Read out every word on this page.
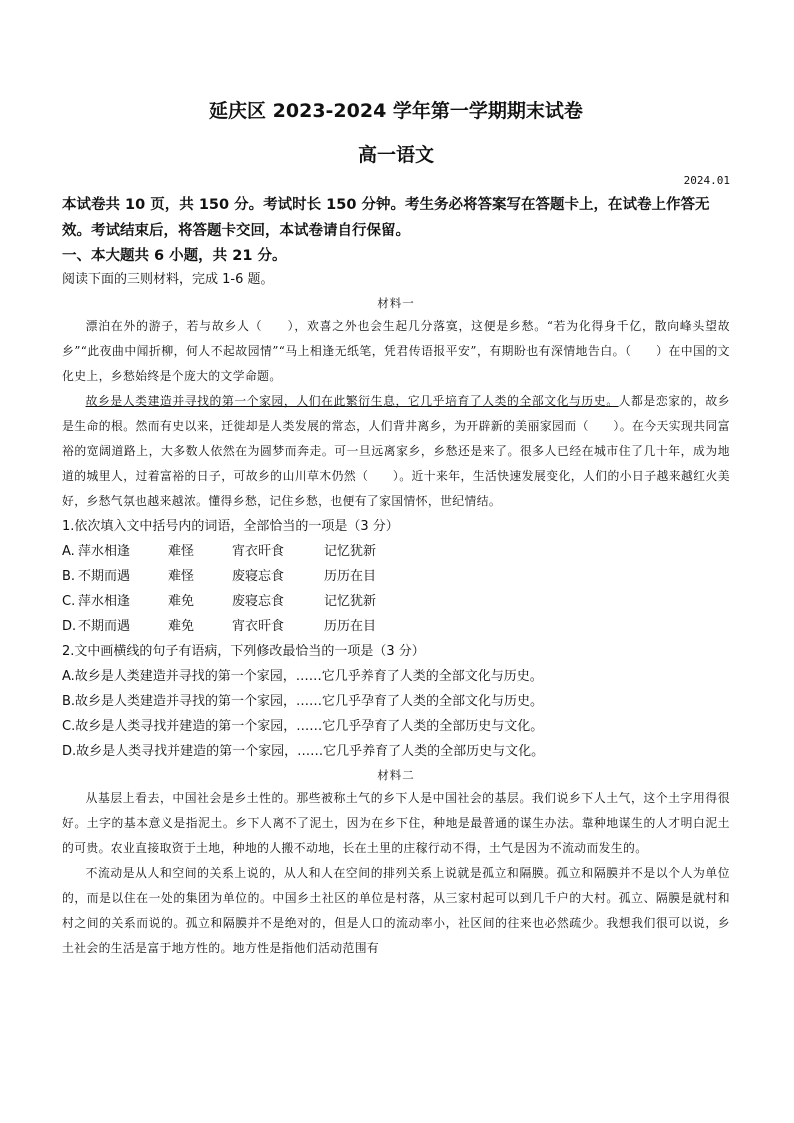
延庆区 2023-2024 学年第一学期期末试卷
高一语文
2024.01
本试卷共 10 页，共 150 分。考试时长 150 分钟。考生务必将答案写在答题卡上，在试卷上作答无效。考试结束后，将答题卡交回，本试卷请自行保留。
一、本大题共 6 小题，共 21 分。
阅读下面的三则材料，完成 1-6 题。
材料一

漂泊在外的游子，若与故乡人（　　），欢喜之外也会生起几分落寞，这便是乡愁。“若为化得身千亿，散向峰头望故乡”“此夜曲中闻折柳，何人不起故园情”“马上相逢无纸笔，凭君传语报平安”，有期盼也有深情地告白。（　　）在中国的文化史上，乡愁始终是个庞大的文学命题。

故乡是人类建造并寻找的第一个家园，人们在此繁衍生息，它几乎培育了人类的全部文化与历史。人都是恋家的，故乡是生命的根。然而有史以来，迁徙却是人类发展的常态，人们背井离乡，为开辟新的美丽家园而（　　）。在今天实现共同富裕的宽阔道路上，大多数人依然在为圆梦而奔走。可一旦远离家乡，乡愁还是来了。很多人已经在城市住了几十年，成为地道的城里人，过着富裕的日子，可故乡的山川草木仍然（　　）。近十来年，生活快速发展变化，人们的小日子越来越红火美好，乡愁气氛也越来越浓。懂得乡愁，记住乡愁，也便有了家国情怀，世纪情结。

1.依次填入文中括号内的词语，全部恰当的一项是（3 分）
A. 萍水相逢	难怪	宵衣旰食	记忆犹新
B. 不期而遇	难怪	废寝忘食	历历在目
C. 萍水相逢	难免	废寝忘食	记忆犹新
D. 不期而遇	难免	宵衣旰食	历历在目
2.文中画横线的句子有语病，下列修改最恰当的一项是（3 分）
A.故乡是人类建造并寻找的第一个家园，……它几乎养育了人类的全部文化与历史。
B.故乡是人类建造并寻找的第一个家园，……它几乎孕育了人类的全部文化与历史。
C.故乡是人类寻找并建造的第一个家园，……它几乎孕育了人类的全部历史与文化。
D.故乡是人类寻找并建造的第一个家园，……它几乎养育了人类的全部历史与文化。
材料二

从基层上看去，中国社会是乡土性的。那些被称土气的乡下人是中国社会的基层。我们说乡下人土气，这个土字用得很好。土字的基本意义是指泥土。乡下人离不了泥土，因为在乡下住，种地是最普通的谋生办法。靠种地谋生的人才明白泥土的可贵。农业直接取资于土地，种地的人搬不动地，长在土里的庄稼行动不得，土气是因为不流动而发生的。

不流动是从人和空间的关系上说的，从人和人在空间的排列关系上说就是孤立和隔膜。孤立和隔膜并不是以个人为单位的，而是以住在一处的集团为单位的。中国乡土社区的单位是村落，从三家村起可以到几千户的大村。孤立、隔膜是就村和村之间的关系而说的。孤立和隔膜并不是绝对的，但是人口的流动率小，社区间的往来也必然疏少。我想我们很可以说，乡土社会的生活是富于地方性的。地方性是指他们活动范围有
